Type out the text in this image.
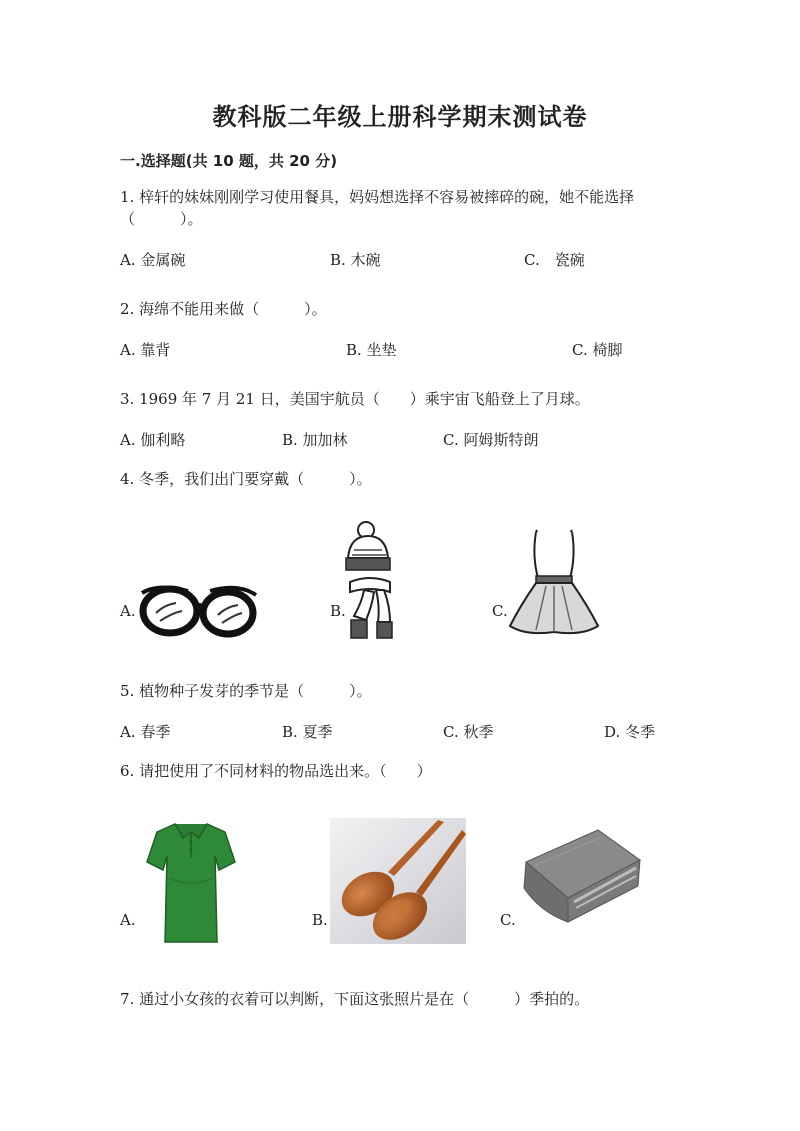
教科版二年级上册科学期末测试卷
一.选择题(共 10 题，共 20 分)
1. 梓轩的妹妹刚刚学习使用餐具，妈妈想选择不容易被摔碎的碗，她不能选择（　　　）。
A. 金属碗	B. 木碗	C.　瓷碗
2. 海绵不能用来做（　　　）。
A. 靠背	B. 坐垫	C. 椅脚
3. 1969 年 7 月 21 日，美国宇航员（　　）乘宇宙飞船登上了月球。
A. 伽利略	B. 加加林	C. 阿姆斯特朗
4. 冬季，我们出门要穿戴（　　　）。
A.	B.	C.
5. 植物种子发芽的季节是（　　　）。
A. 春季	B. 夏季	C. 秋季	D. 冬季
6. 请把使用了不同材料的物品选出来。（　　）
A.	B.	C.
7. 通过小女孩的衣着可以判断，下面这张照片是在（　　　）季拍的。
